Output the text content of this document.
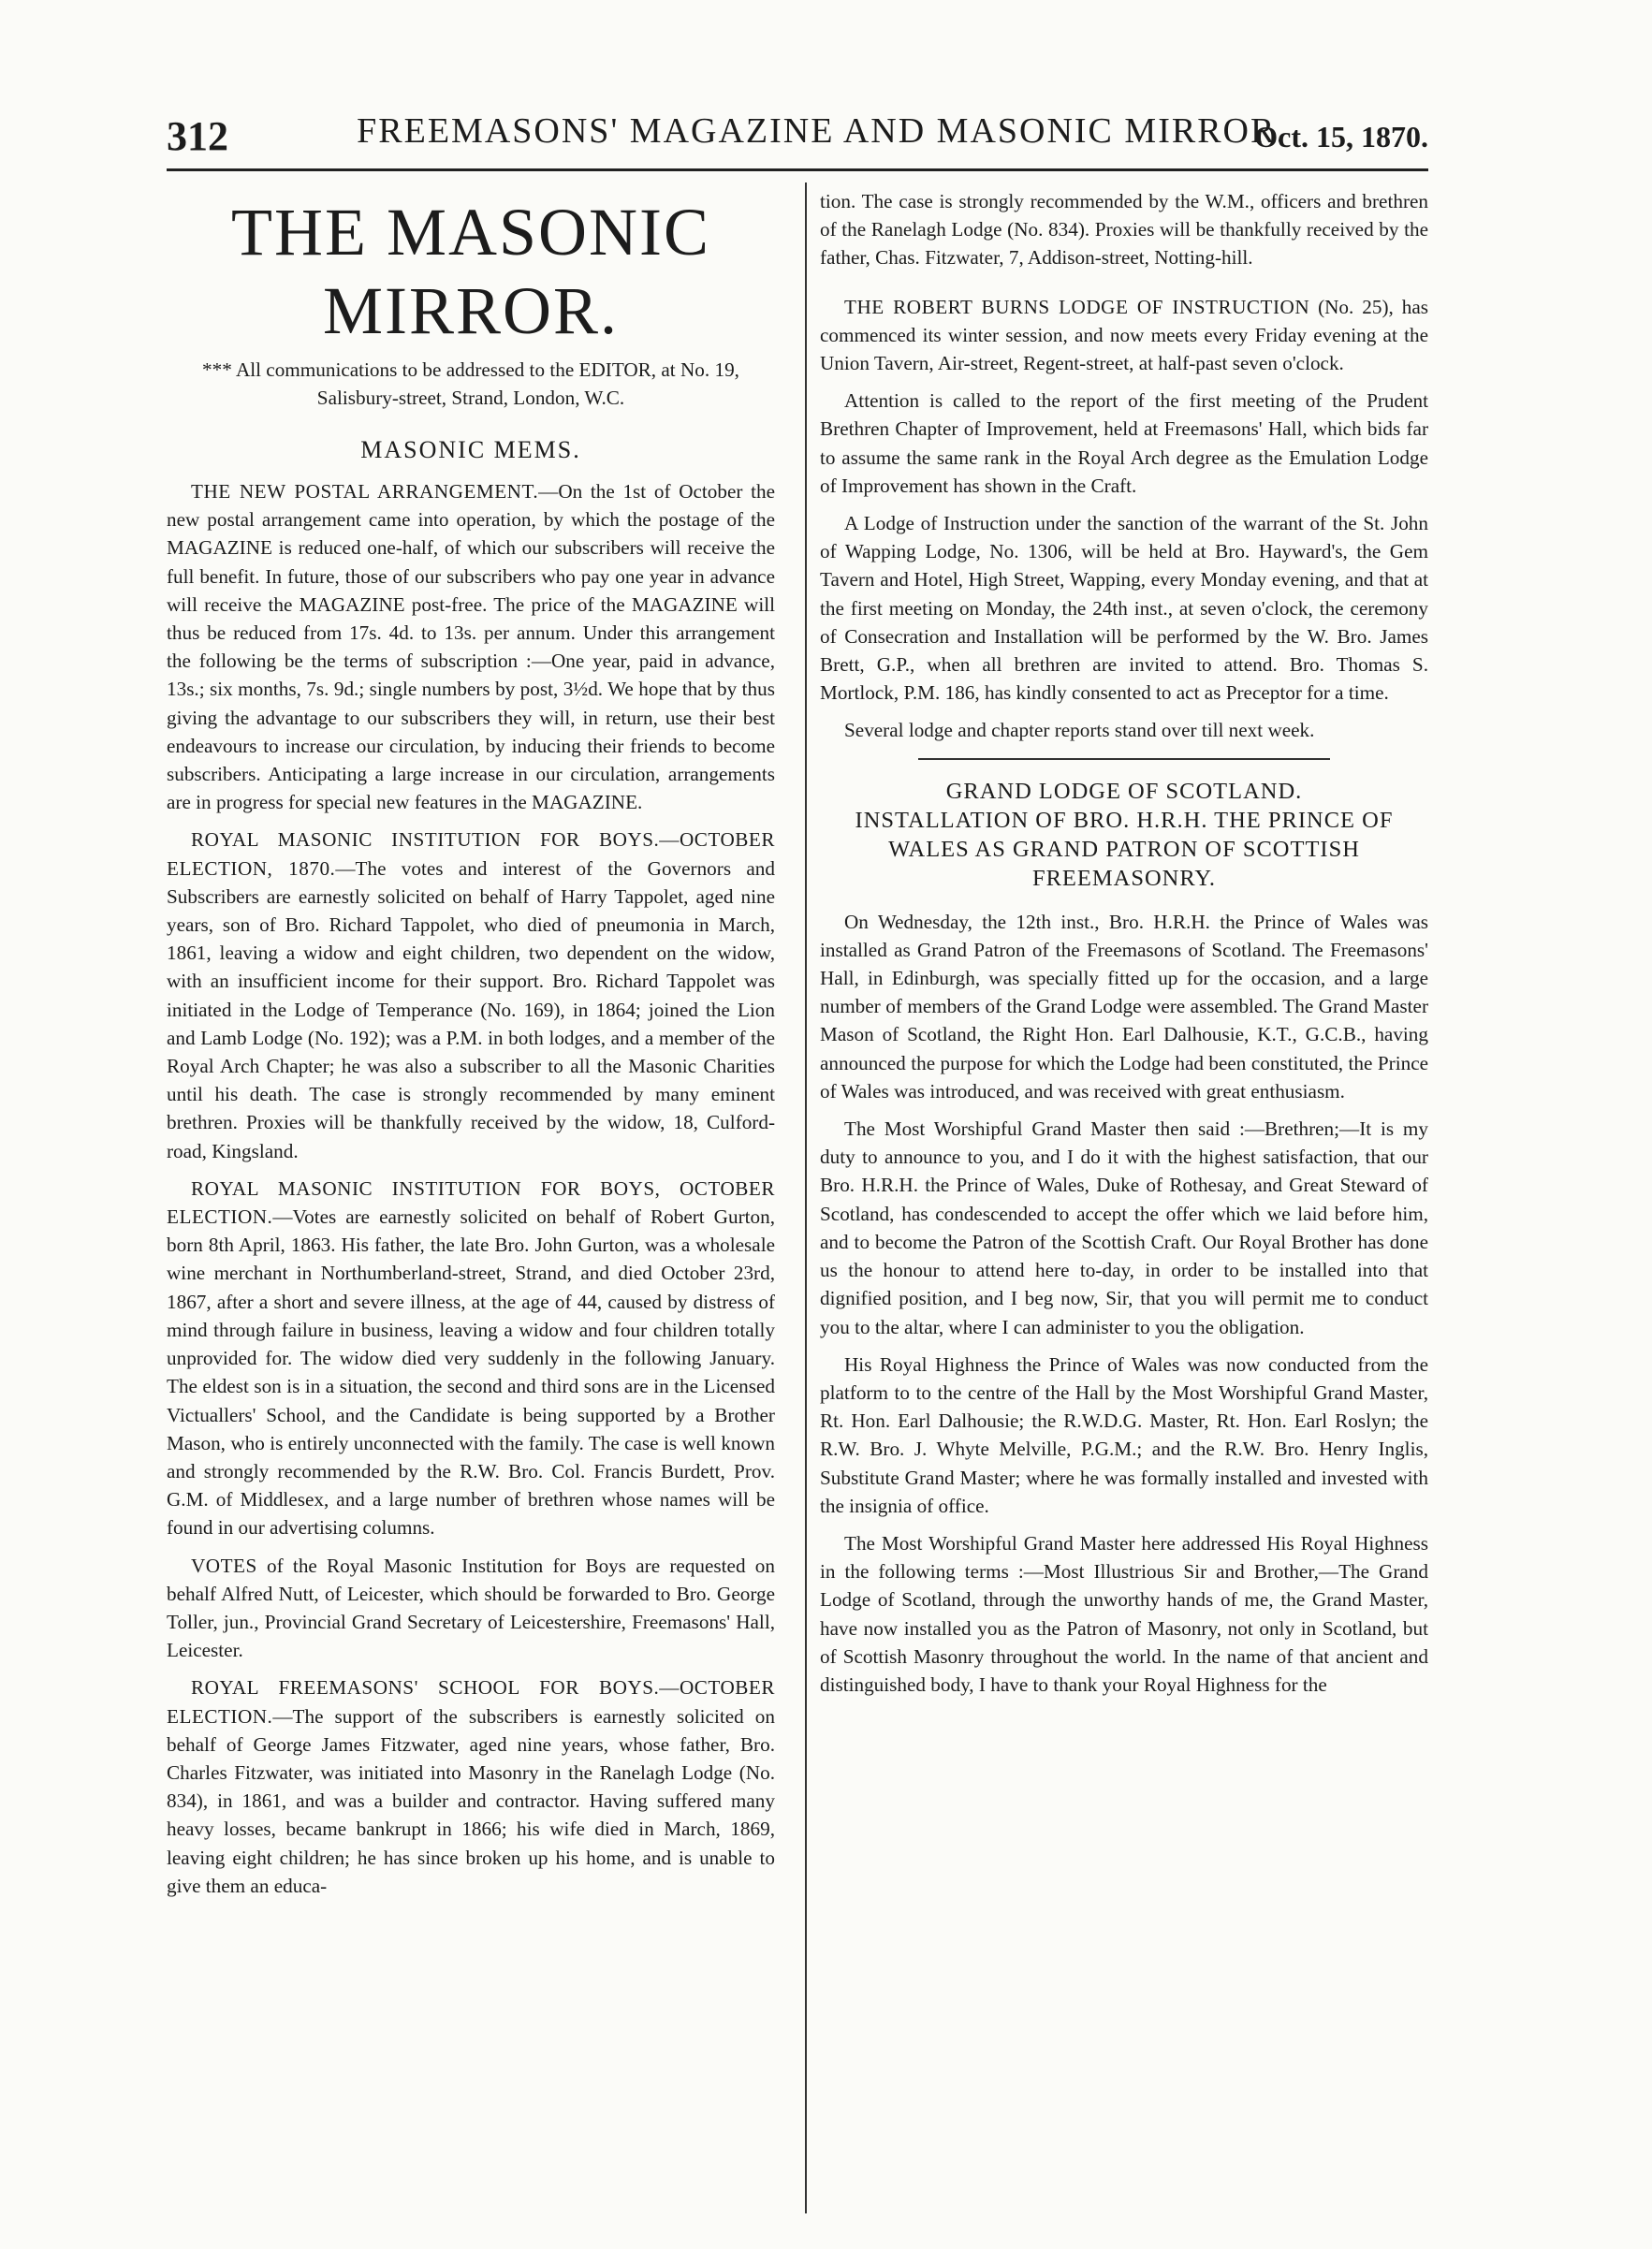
312	FREEMASONS' MAGAZINE AND MASONIC MIRROR.
Oct. 15, 1870.
THE MASONIC MIRROR.
*** All communications to be addressed to the EDITOR, at No. 19, Salisbury-street, Strand, London, W.C.
MASONIC MEMS.

THE NEW POSTAL ARRANGEMENT.—On the 1st of October the new postal arrangement came into operation, by which the postage of the MAGAZINE is reduced one-half, of which our subscribers will receive the full benefit. In future, those of our subscribers who pay one year in advance will receive the MAGAZINE post-free. The price of the MAGAZINE will thus be reduced from 17s. 4d. to 13s. per annum. Under this arrangement the following be the terms of subscription :—One year, paid in advance, 13s.; six months, 7s. 9d.; single numbers by post, 3½d. We hope that by thus giving the advantage to our subscribers they will, in return, use their best endeavours to increase our circulation, by inducing their friends to become subscribers. Anticipating a large increase in our circulation, arrangements are in progress for special new features in the MAGAZINE.

ROYAL MASONIC INSTITUTION FOR BOYS.—OCTOBER ELECTION, 1870.—The votes and interest of the Governors and Subscribers are earnestly solicited on behalf of Harry Tappolet, aged nine years, son of Bro. Richard Tappolet, who died of pneumonia in March, 1861, leaving a widow and eight children, two dependent on the widow, with an insufficient income for their support. Bro. Richard Tappolet was initiated in the Lodge of Temperance (No. 169), in 1864; joined the Lion and Lamb Lodge (No. 192); was a P.M. in both lodges, and a member of the Royal Arch Chapter; he was also a subscriber to all the Masonic Charities until his death. The case is strongly recommended by many eminent brethren. Proxies will be thankfully received by the widow, 18, Culford-road, Kingsland.

ROYAL MASONIC INSTITUTION FOR BOYS, OCTOBER ELECTION.—Votes are earnestly solicited on behalf of Robert Gurton, born 8th April, 1863. His father, the late Bro. John Gurton, was a wholesale wine merchant in Northumberland-street, Strand, and died October 23rd, 1867, after a short and severe illness, at the age of 44, caused by distress of mind through failure in business, leaving a widow and four children totally unprovided for. The widow died very suddenly in the following January. The eldest son is in a situation, the second and third sons are in the Licensed Victuallers' School, and the Candidate is being supported by a Brother Mason, who is entirely unconnected with the family. The case is well known and strongly recommended by the R.W. Bro. Col. Francis Burdett, Prov. G.M. of Middlesex, and a large number of brethren whose names will be found in our advertising columns.

VOTES of the Royal Masonic Institution for Boys are requested on behalf Alfred Nutt, of Leicester, which should be forwarded to Bro. George Toller, jun., Provincial Grand Secretary of Leicestershire, Freemasons' Hall, Leicester.

ROYAL FREEMASONS' SCHOOL FOR BOYS.—OCTOBER ELECTION.—The support of the subscribers is earnestly solicited on behalf of George James Fitzwater, aged nine years, whose father, Bro. Charles Fitzwater, was initiated into Masonry in the Ranelagh Lodge (No. 834), in 1861, and was a builder and contractor. Having suffered many heavy losses, became bankrupt in 1866; his wife died in March, 1869, leaving eight children; he has since broken up his home, and is unable to give them an educa-

tion. The case is strongly recommended by the W.M., officers and brethren of the Ranelagh Lodge (No. 834). Proxies will be thankfully received by the father, Chas. Fitzwater, 7, Addison-street, Notting-hill.

THE ROBERT BURNS LODGE OF INSTRUCTION (No. 25), has commenced its winter session, and now meets every Friday evening at the Union Tavern, Air-street, Regent-street, at half-past seven o'clock.

Attention is called to the report of the first meeting of the Prudent Brethren Chapter of Improvement, held at Freemasons' Hall, which bids far to assume the same rank in the Royal Arch degree as the Emulation Lodge of Improvement has shown in the Craft.

A Lodge of Instruction under the sanction of the warrant of the St. John of Wapping Lodge, No. 1306, will be held at Bro. Hayward's, the Gem Tavern and Hotel, High Street, Wapping, every Monday evening, and that at the first meeting on Monday, the 24th inst., at seven o'clock, the ceremony of Consecration and Installation will be performed by the W. Bro. James Brett, G.P., when all brethren are invited to attend. Bro. Thomas S. Mortlock, P.M. 186, has kindly consented to act as Preceptor for a time.

Several lodge and chapter reports stand over till next week.

GRAND LODGE OF SCOTLAND.
INSTALLATION OF BRO. H.R.H. THE PRINCE OF WALES AS GRAND PATRON OF SCOTTISH FREEMASONRY.

On Wednesday, the 12th inst., Bro. H.R.H. the Prince of Wales was installed as Grand Patron of the Freemasons of Scotland. The Freemasons' Hall, in Edinburgh, was specially fitted up for the occasion, and a large number of members of the Grand Lodge were assembled. The Grand Master Mason of Scotland, the Right Hon. Earl Dalhousie, K.T., G.C.B., having announced the purpose for which the Lodge had been constituted, the Prince of Wales was introduced, and was received with great enthusiasm.

The Most Worshipful Grand Master then said :—Brethren;—It is my duty to announce to you, and I do it with the highest satisfaction, that our Bro. H.R.H. the Prince of Wales, Duke of Rothesay, and Great Steward of Scotland, has condescended to accept the offer which we laid before him, and to become the Patron of the Scottish Craft. Our Royal Brother has done us the honour to attend here to-day, in order to be installed into that dignified position, and I beg now, Sir, that you will permit me to conduct you to the altar, where I can administer to you the obligation.

His Royal Highness the Prince of Wales was now conducted from the platform to to the centre of the Hall by the Most Worshipful Grand Master, Rt. Hon. Earl Dalhousie; the R.W.D.G. Master, Rt. Hon. Earl Roslyn; the R.W. Bro. J. Whyte Melville, P.G.M.; and the R.W. Bro. Henry Inglis, Substitute Grand Master; where he was formally installed and invested with the insignia of office.

The Most Worshipful Grand Master here addressed His Royal Highness in the following terms :—Most Illustrious Sir and Brother,—The Grand Lodge of Scotland, through the unworthy hands of me, the Grand Master, have now installed you as the Patron of Masonry, not only in Scotland, but of Scottish Masonry throughout the world. In the name of that ancient and distinguished body, I have to thank your Royal Highness for the
